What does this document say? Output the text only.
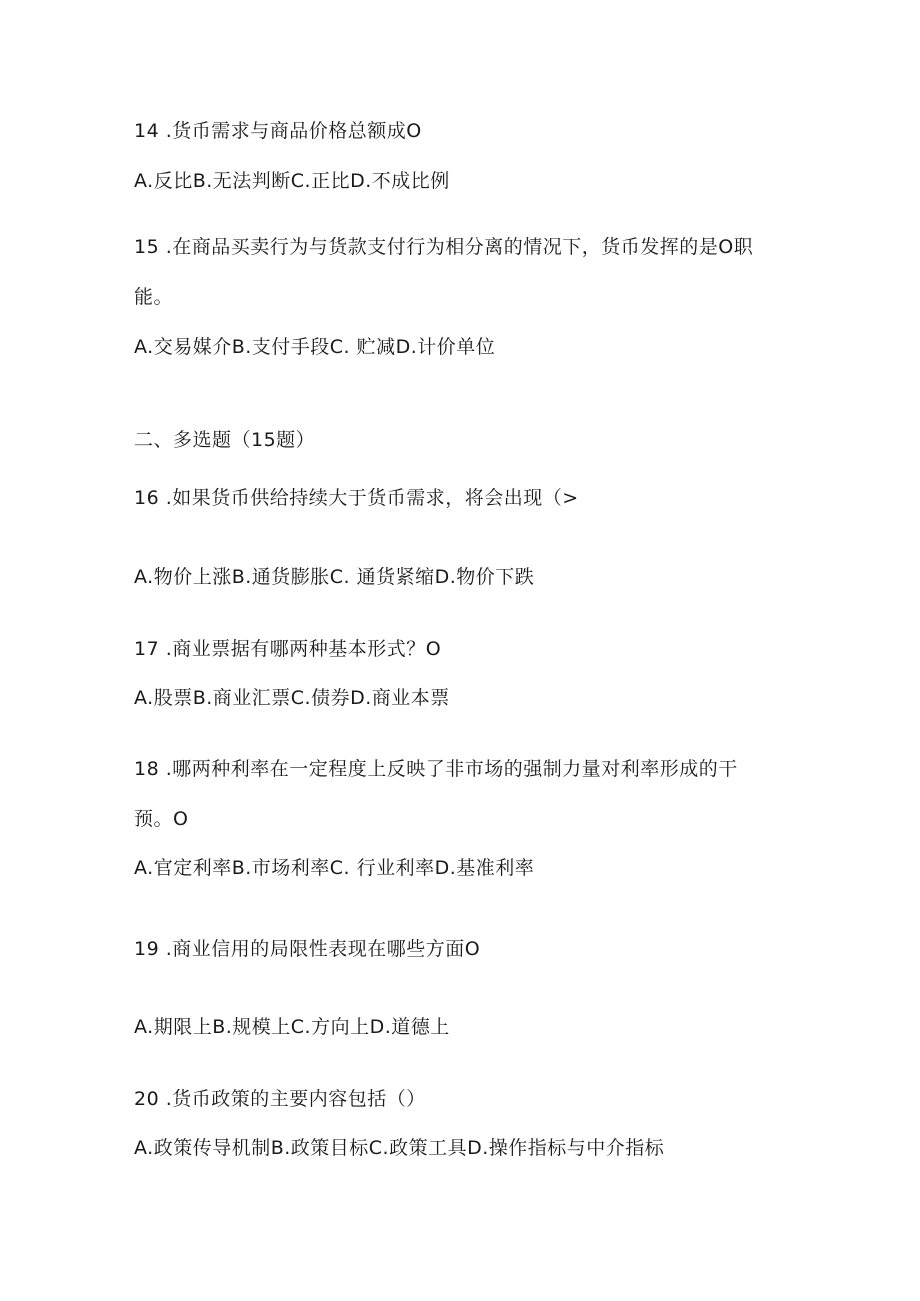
14 .货币需求与商品价格总额成O
A.反比B.无法判断C.正比D.不成比例
15 .在商品买卖行为与货款支付行为相分离的情况下，货币发挥的是O职
能。
A.交易媒介B.支付手段C. 贮减D.计价单位
二、多选题（15题）
16 .如果货币供给持续大于货币需求，将会出现（>
A.物价上涨B.通货膨胀C. 通货紧缩D.物价下跌
17 .商业票据有哪两种基本形式？O
A.股票B.商业汇票C.债券D.商业本票
18 .哪两种利率在一定程度上反映了非市场的强制力量对利率形成的干
预。O
A.官定利率B.市场利率C. 行业利率D.基准利率
19 .商业信用的局限性表现在哪些方面O
A.期限上B.规模上C.方向上D.道德上
20 .货币政策的主要内容包括（）
A.政策传导机制B.政策目标C.政策工具D.操作指标与中介指标
